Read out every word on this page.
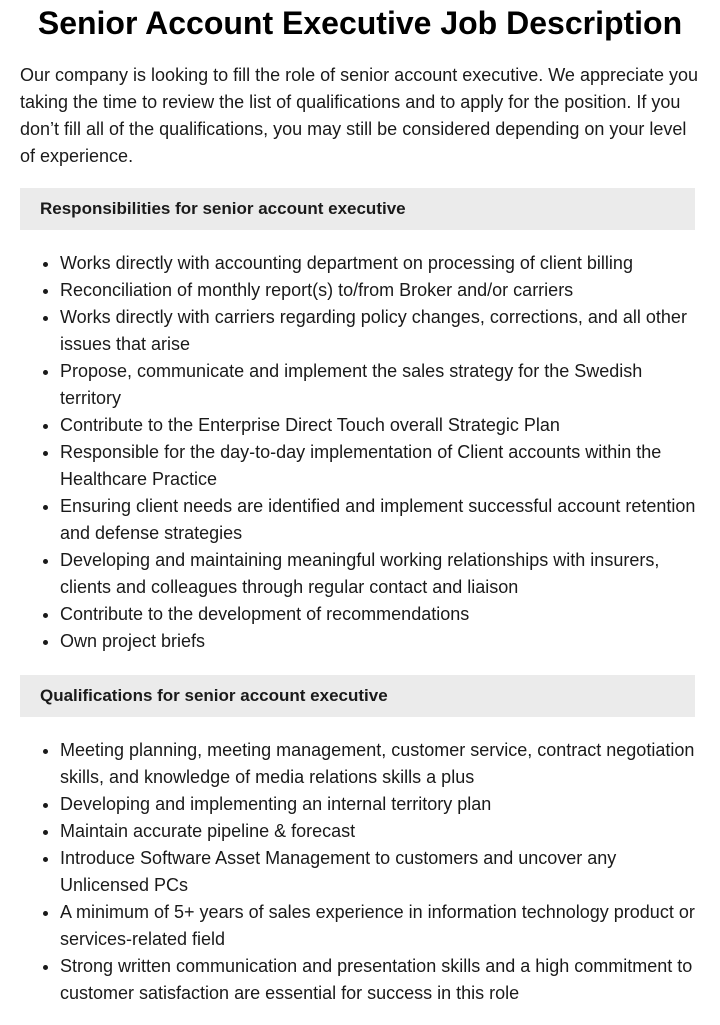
Senior Account Executive Job Description

Our company is looking to fill the role of senior account executive. We appreciate you taking the time to review the list of qualifications and to apply for the position. If you don’t fill all of the qualifications, you may still be considered depending on your level of experience.

Responsibilities for senior account executive
• Works directly with accounting department on processing of client billing
• Reconciliation of monthly report(s) to/from Broker and/or carriers
• Works directly with carriers regarding policy changes, corrections, and all other issues that arise
• Propose, communicate and implement the sales strategy for the Swedish territory
• Contribute to the Enterprise Direct Touch overall Strategic Plan
• Responsible for the day-to-day implementation of Client accounts within the Healthcare Practice
• Ensuring client needs are identified and implement successful account retention and defense strategies
• Developing and maintaining meaningful working relationships with insurers, clients and colleagues through regular contact and liaison
• Contribute to the development of recommendations
• Own project briefs
Qualifications for senior account executive
• Meeting planning, meeting management, customer service, contract negotiation skills, and knowledge of media relations skills a plus
• Developing and implementing an internal territory plan
• Maintain accurate pipeline & forecast
• Introduce Software Asset Management to customers and uncover any Unlicensed PCs
• A minimum of 5+ years of sales experience in information technology product or services-related field
• Strong written communication and presentation skills and a high commitment to customer satisfaction are essential for success in this role
